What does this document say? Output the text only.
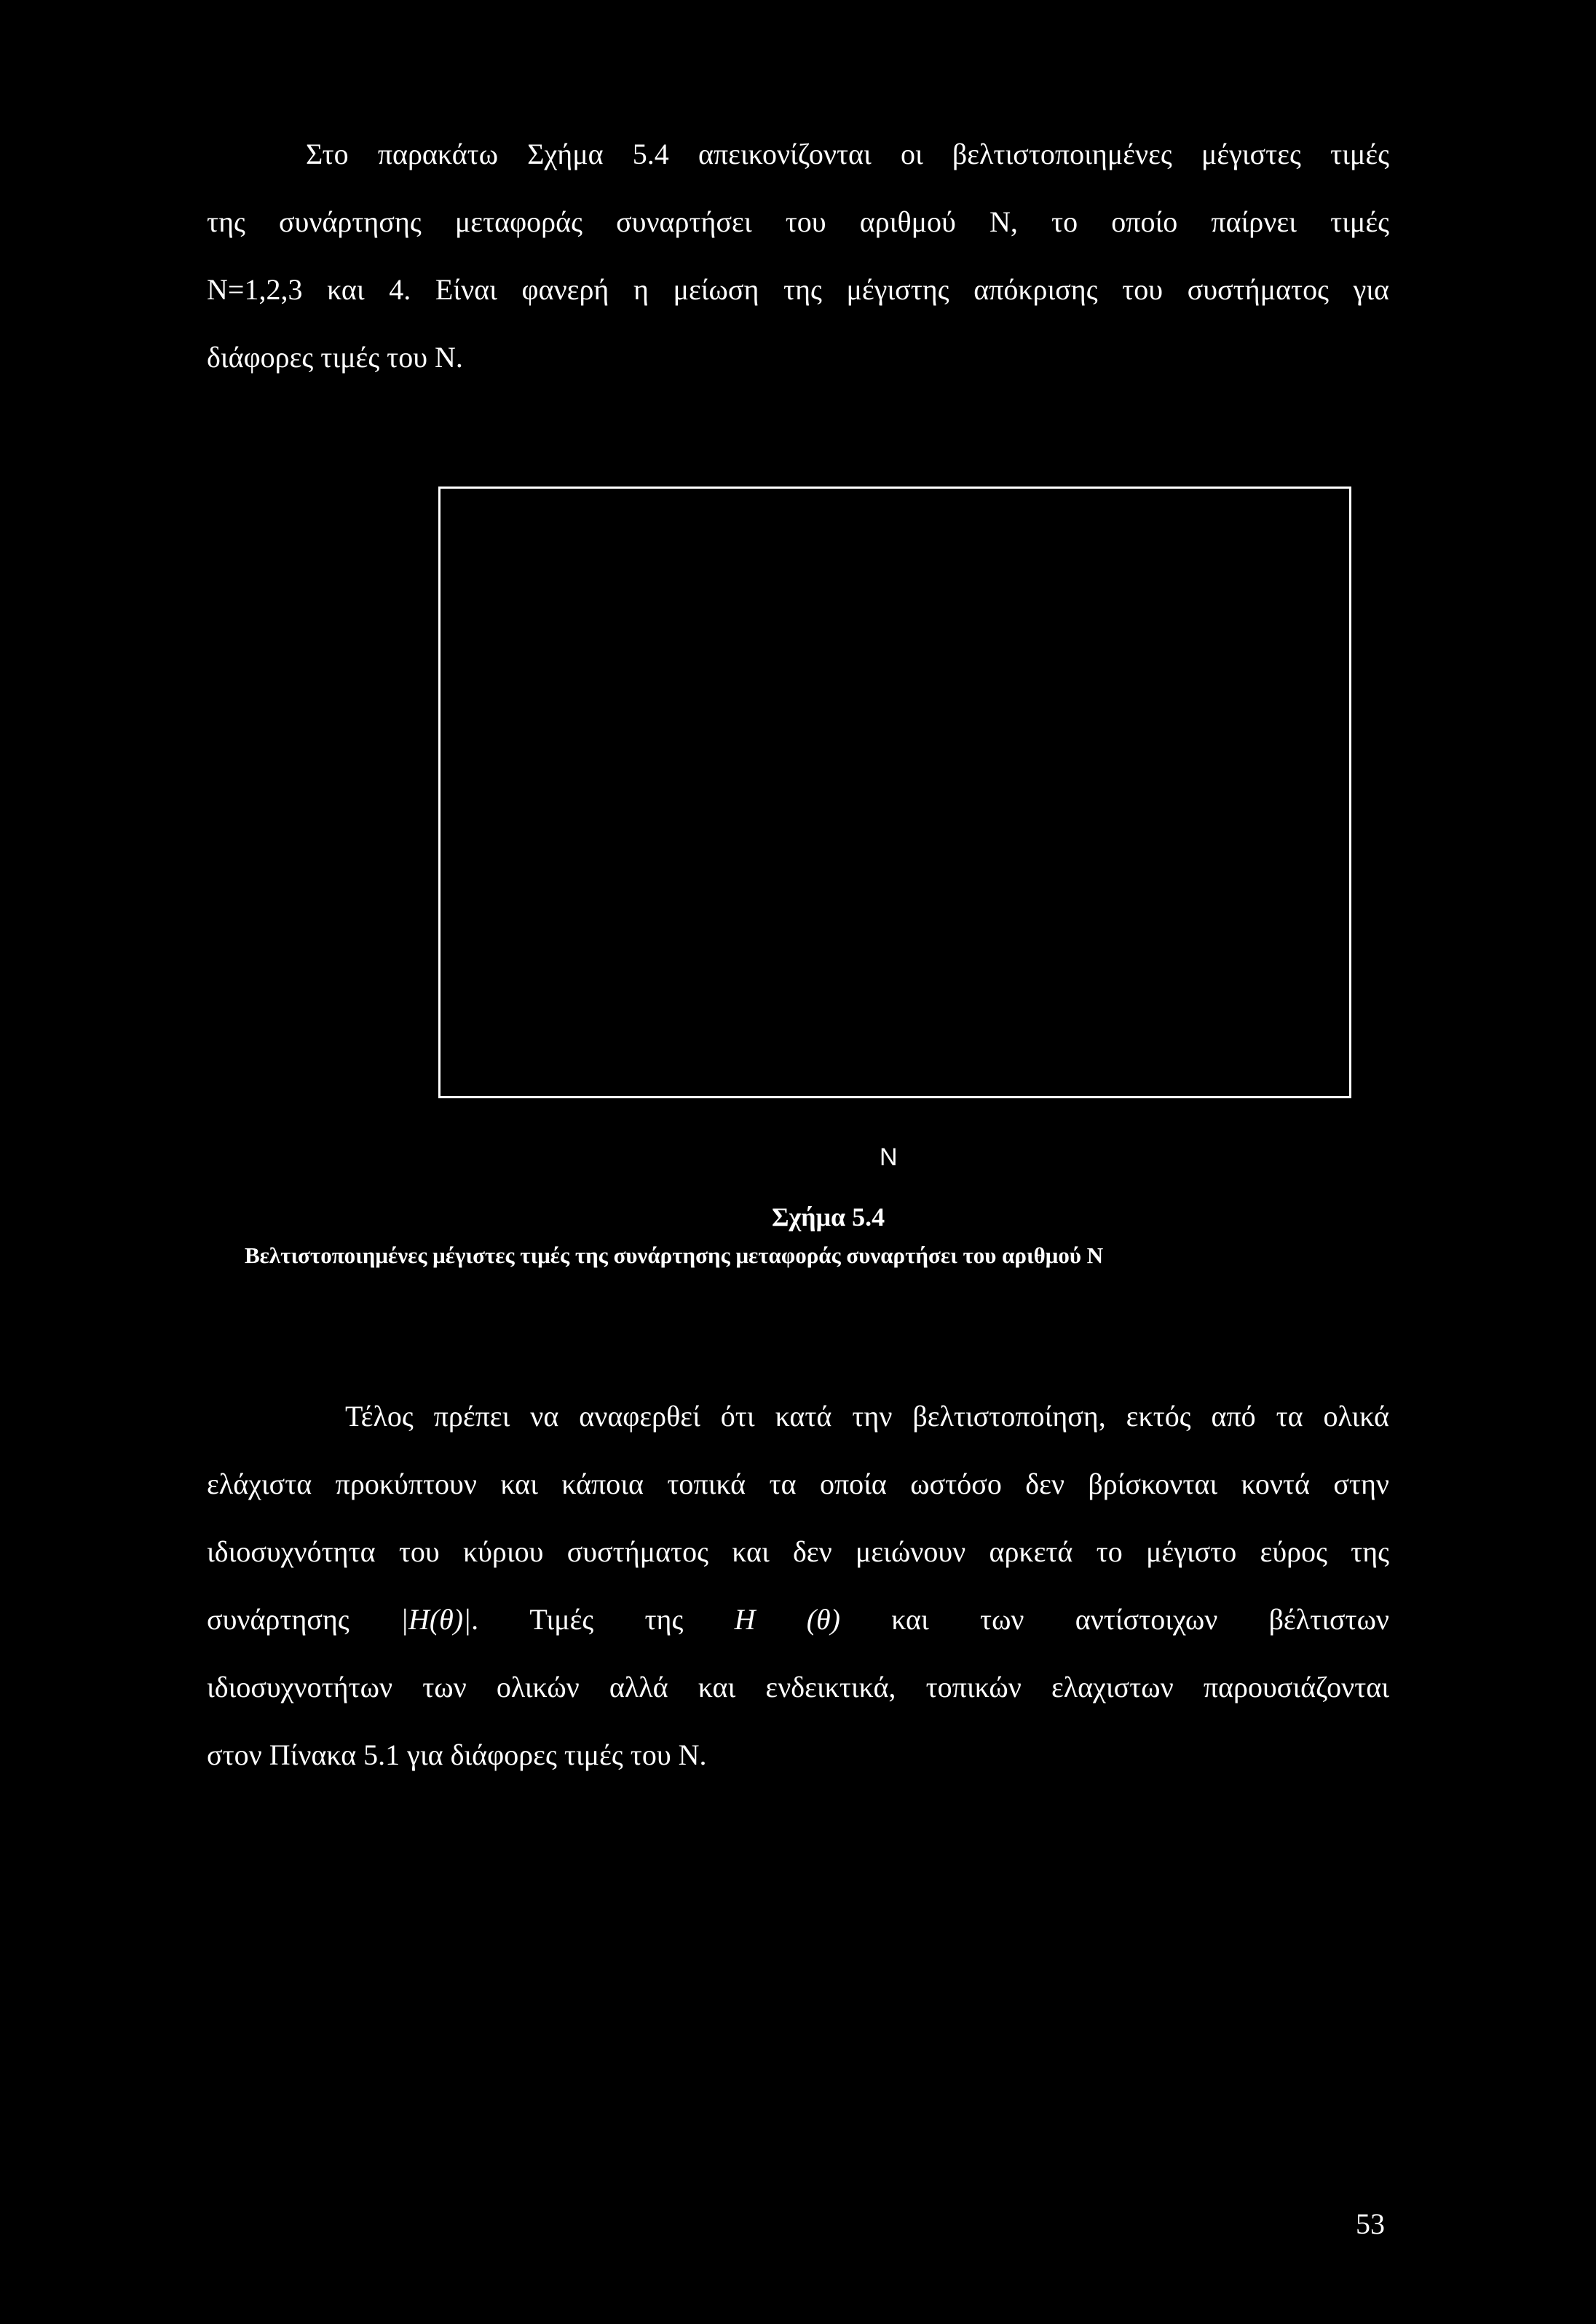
Στο παρακάτω Σχήμα 5.4 απεικονίζονται οι βελτιστοποιημένες μέγιστες τιμές
της συνάρτησης μεταφοράς συναρτήσει του αριθμού Ν, το οποίο παίρνει τιμές
Ν=1,2,3 και 4. Είναι φανερή η μείωση της μέγιστης απόκρισης του συστήματος για
διάφορες τιμές του Ν.
N
Σχήμα 5.4
Βελτιστοποιημένες μέγιστες τιμές της συνάρτησης μεταφοράς συναρτήσει του αριθμού Ν
Τέλος πρέπει να αναφερθεί ότι κατά την βελτιστοποίηση, εκτός από τα ολικά
ελάχιστα προκύπτουν και κάποια τοπικά τα οποία ωστόσο δεν βρίσκονται κοντά στην
ιδιοσυχνότητα του κύριου συστήματος και δεν μειώνουν αρκετά το μέγιστο εύρος της
συνάρτησης |H(θ)|. Τιμές της H (θ) και των αντίστοιχων βέλτιστων
ιδιοσυχνοτήτων των ολικών αλλά και ενδεικτικά, τοπικών ελαχιστων παρουσιάζονται
στον Πίνακα 5.1 για διάφορες τιμές του Ν.
53
